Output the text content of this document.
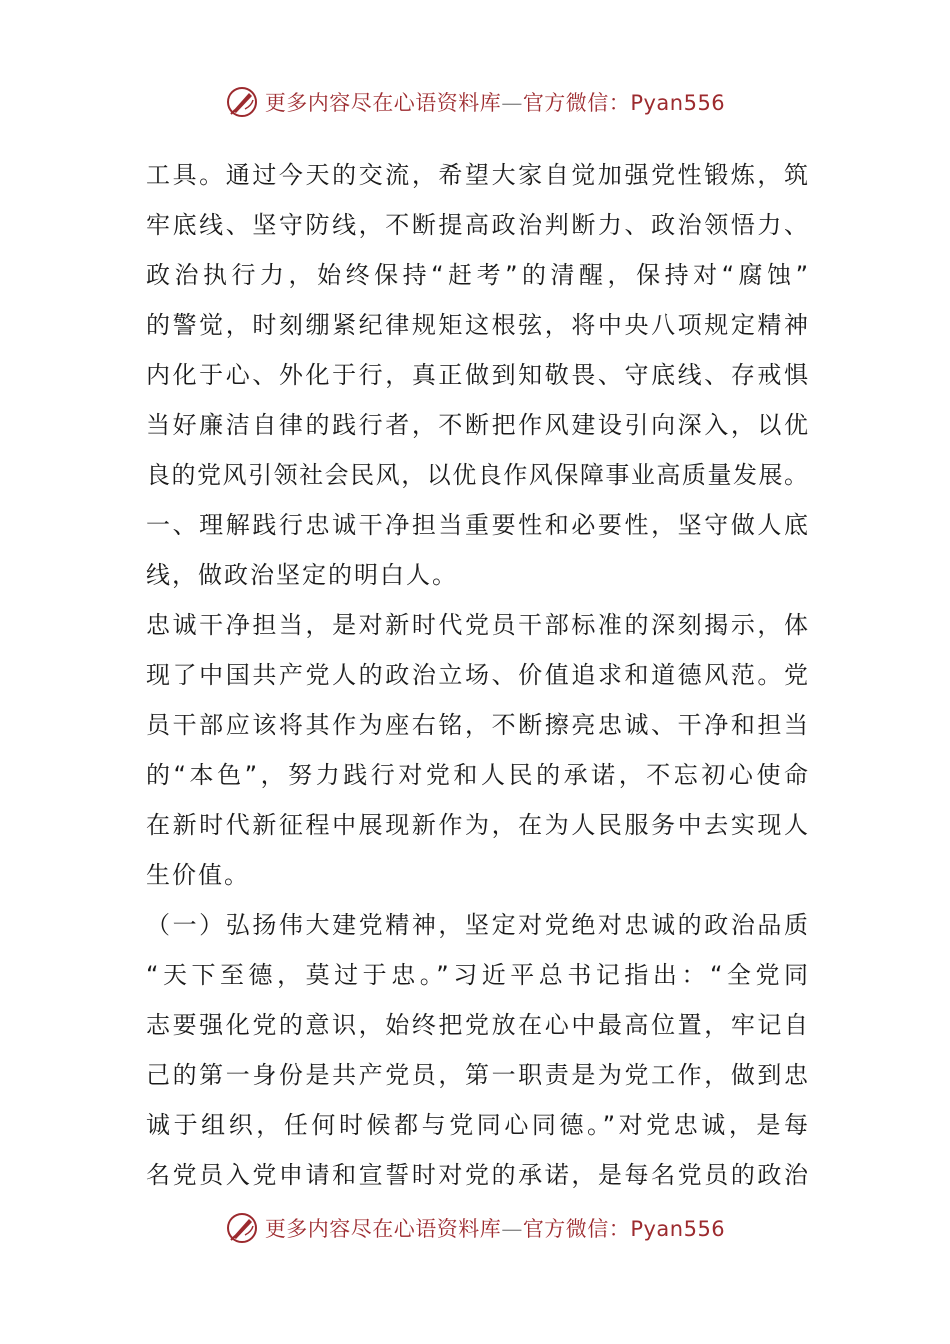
更多内容尽在心语资料库—官方微信：Pyan556
工具。通过今天的交流，希望大家自觉加强党性锻炼，筑
牢底线、坚守防线，不断提高政治判断力、政治领悟力、
政治执行力，始终保持“赶考”的清醒，保持对“腐蚀”
的警觉，时刻绷紧纪律规矩这根弦，将中央八项规定精神
内化于心、外化于行，真正做到知敬畏、守底线、存戒惧
当好廉洁自律的践行者，不断把作风建设引向深入，以优
良的党风引领社会民风，以优良作风保障事业高质量发展。
一、理解践行忠诚干净担当重要性和必要性，坚守做人底
线，做政治坚定的明白人。
忠诚干净担当，是对新时代党员干部标准的深刻揭示，体
现了中国共产党人的政治立场、价值追求和道德风范。党
员干部应该将其作为座右铭，不断擦亮忠诚、干净和担当
的“本色”，努力践行对党和人民的承诺，不忘初心使命
在新时代新征程中展现新作为，在为人民服务中去实现人
生价值。
（一）弘扬伟大建党精神，坚定对党绝对忠诚的政治品质
“天下至德，莫过于忠。”习近平总书记指出：“全党同
志要强化党的意识，始终把党放在心中最高位置，牢记自
己的第一身份是共产党员，第一职责是为党工作，做到忠
诚于组织，任何时候都与党同心同德。”对党忠诚，是每
名党员入党申请和宣誓时对党的承诺，是每名党员的政治
更多内容尽在心语资料库—官方微信：Pyan556
